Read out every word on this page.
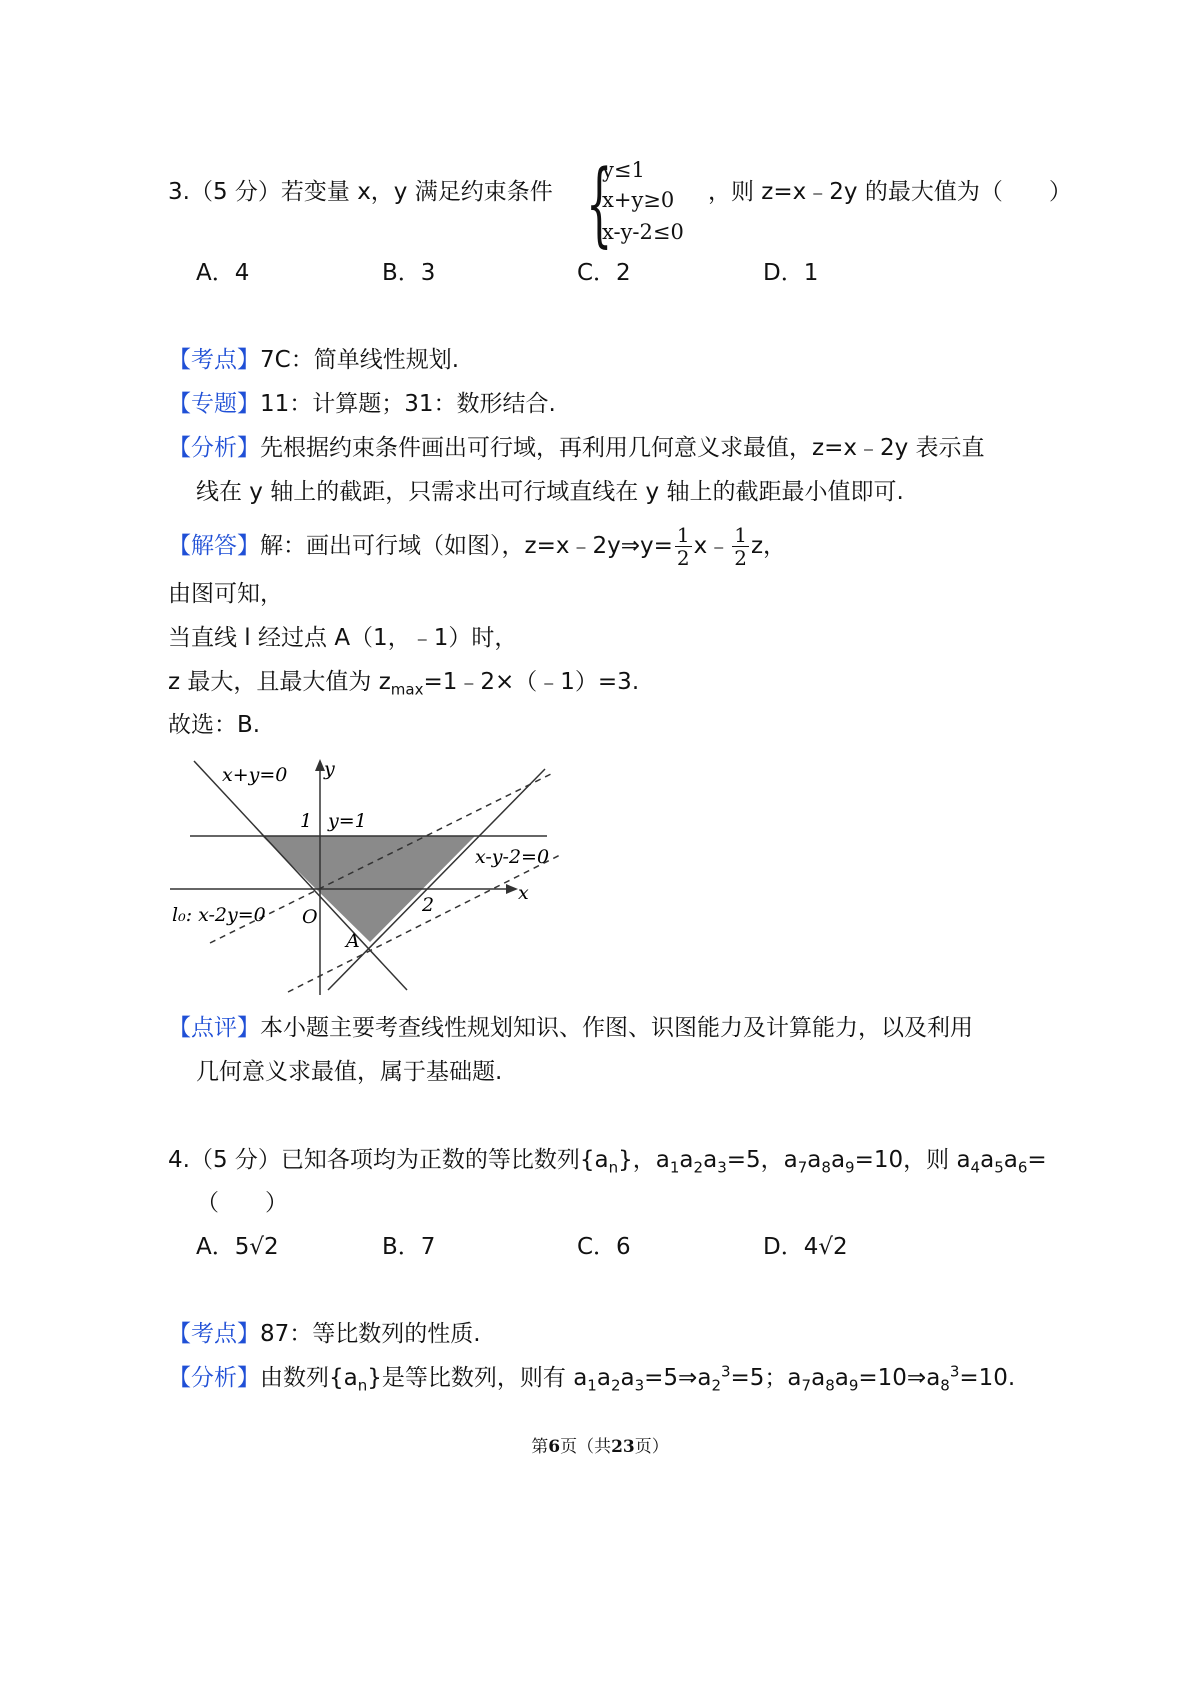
3.（5 分）若变量 x，y 满足约束条件 {
y≤1
x+y≥0
x-y-2≤0
，则 z=x﹣2y 的最大值为（　　）
A．4	B．3	C．2	D．1
【考点】7C：简单线性规划.
【专题】11：计算题；31：数形结合.
【分析】先根据约束条件画出可行域，再利用几何意义求最值，z=x﹣2y 表示直
线在 y 轴上的截距，只需求出可行域直线在 y 轴上的截距最小值即可.
【解答】解：画出可行域（如图），z=x﹣2y⇒y= $\frac{1}{2}$ x﹣ $\frac{1}{2}$ z，
由图可知，
当直线 l 经过点 A（1，﹣1）时，
z 最大，且最大值为 $z_{max}=1﹣2\times(﹣1)=3$.
故选：B.
x+y=0 y
1 y=1
x-y-2=0
x
l₀: x-2y=0 O
2
A
【点评】本小题主要考查线性规划知识、作图、识图能力及计算能力，以及利用
几何意义求最值，属于基础题.
4.（5 分）已知各项均为正数的等比数列$\{a_n\}$，$a_1a_2a_3=5$，$a_7a_8a_9=10$，则 $a_4a_5a_6=$
（　　）
A．5√2	B．7	C．6	D．4√2
【考点】87：等比数列的性质.
【分析】由数列$\{a_n\}$是等比数列，则有 $a_1a_2a_3=5\Rightarrow a_2^3=5$；$a_7a_8a_9=10\Rightarrow a_8^3=10$.
第6页（共23页）
